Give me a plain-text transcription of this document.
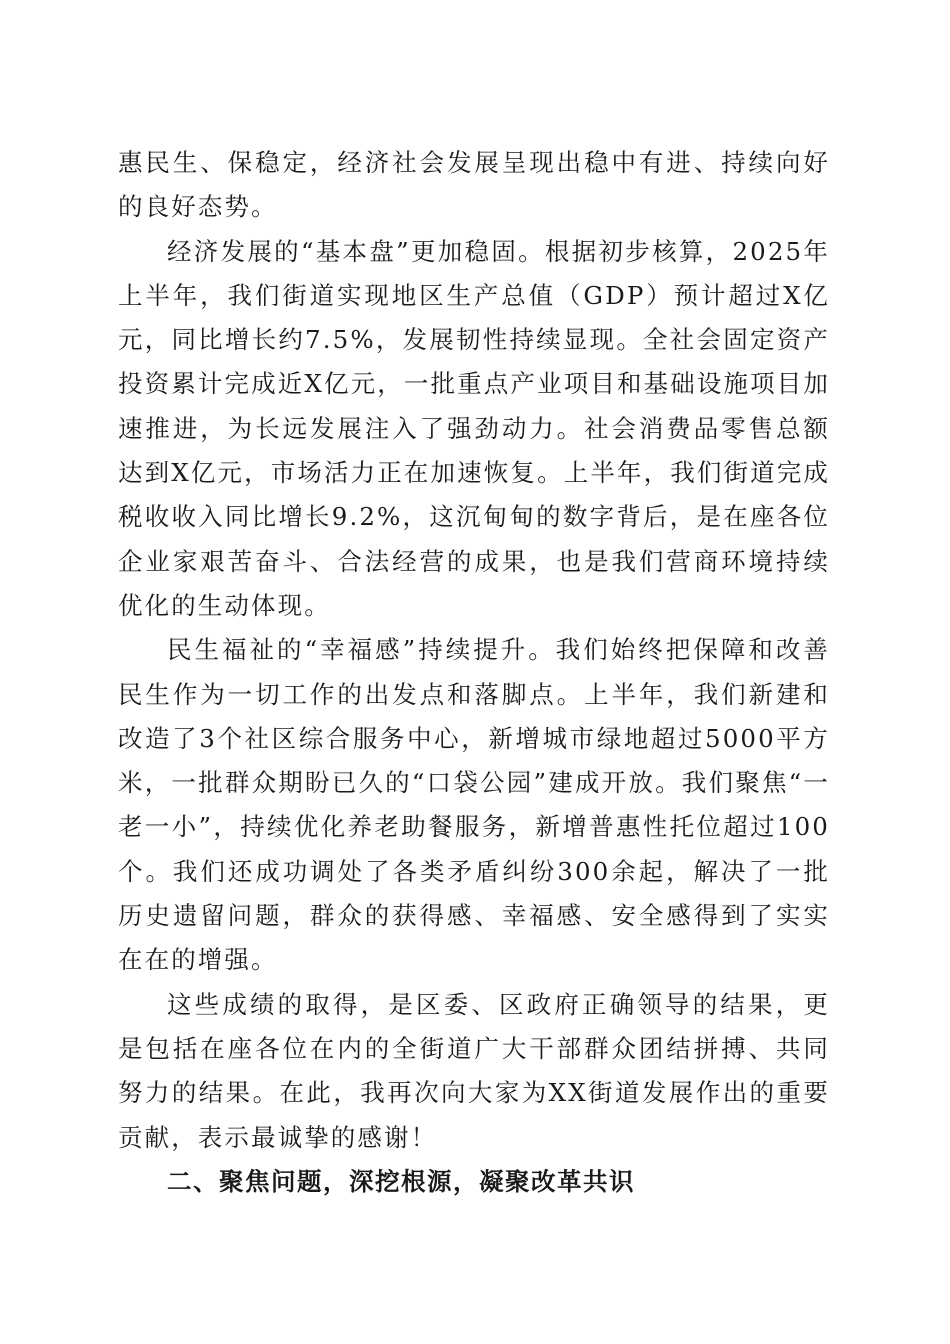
惠民生、保稳定，经济社会发展呈现出稳中有进、持续向好的良好态势。

经济发展的“基本盘”更加稳固。根据初步核算，2025年上半年，我们街道实现地区生产总值（GDP）预计超过X亿元，同比增长约7.5%，发展韧性持续显现。全社会固定资产投资累计完成近X亿元，一批重点产业项目和基础设施项目加速推进，为长远发展注入了强劲动力。社会消费品零售总额达到X亿元，市场活力正在加速恢复。上半年，我们街道完成税收收入同比增长9.2%，这沉甸甸的数字背后，是在座各位企业家艰苦奋斗、合法经营的成果，也是我们营商环境持续优化的生动体现。

民生福祉的“幸福感”持续提升。我们始终把保障和改善民生作为一切工作的出发点和落脚点。上半年，我们新建和改造了3个社区综合服务中心，新增城市绿地超过5000平方米，一批群众期盼已久的“口袋公园”建成开放。我们聚焦“一老一小”，持续优化养老助餐服务，新增普惠性托位超过100个。我们还成功调处了各类矛盾纠纷300余起，解决了一批历史遗留问题，群众的获得感、幸福感、安全感得到了实实在在的增强。

这些成绩的取得，是区委、区政府正确领导的结果，更是包括在座各位在内的全街道广大干部群众团结拼搏、共同努力的结果。在此，我再次向大家为XX街道发展作出的重要贡献，表示最诚挚的感谢！

二、聚焦问题，深挖根源，凝聚改革共识
